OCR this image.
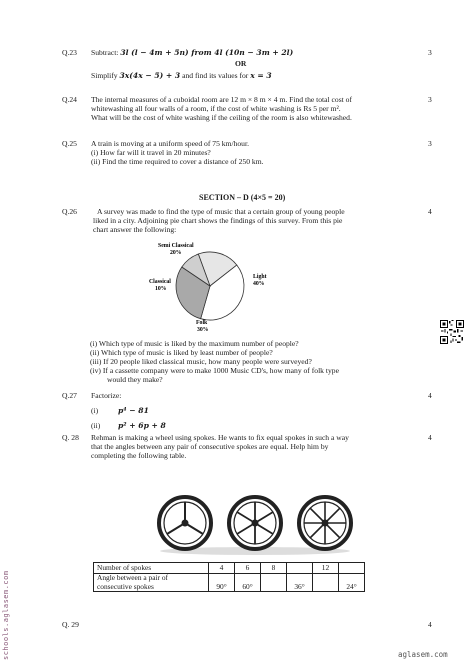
Q.23	3
Subtract: 3l (l − 4m + 5n) from 4l (10n − 3m + 2l)
OR
Simplify 3x(4x − 5) + 3 and find its values for x = 3
Q.24	3
The internal measures of a cuboidal room are 12 m × 8 m × 4 m. Find the total cost of
whitewashing all four walls of a room, if the cost of white washing is Rs 5 per m².
What will be the cost of white washing if the ceiling of the room is also whitewashed.
Q.25	3
A train is moving at a uniform speed of 75 km/hour.
(i) How far will it travel in 20 minutes?
(ii) Find the time required to cover a distance of 250 km.
SECTION – D (4×5 = 20)
Q.26	4
A survey was made to find the type of music that a certain group of young people
liked in a city. Adjoining pie chart shows the findings of this survey. From this pie
chart answer the following:
Semi Classical
20%
Light
40%
Folk
30%
Classical
10%
(i) Which type of music is liked by the maximum number of people?
(ii) Which type of music is liked by least number of people?
(iii) If 20 people liked classical music, how many people were surveyed?
(iv) If a cassette company were to make 1000 Music CD's, how many of folk type
would they make?
Q.27	4
Factorize:
(i)	p⁴ − 81
(ii) p² + 6p + 8
Q. 28	4
Rehman is making a wheel using spokes. He wants to fix equal spokes in such a way
that the angles between any pair of consecutive spokes are equal. Help him by
completing the following table.
Number of spokes	4	6	8		12	

Angle between a pair of
consecutive spokes	90°	60°		36°		24°
Q. 29	4
schools.aglasem.com	aglasem.com
